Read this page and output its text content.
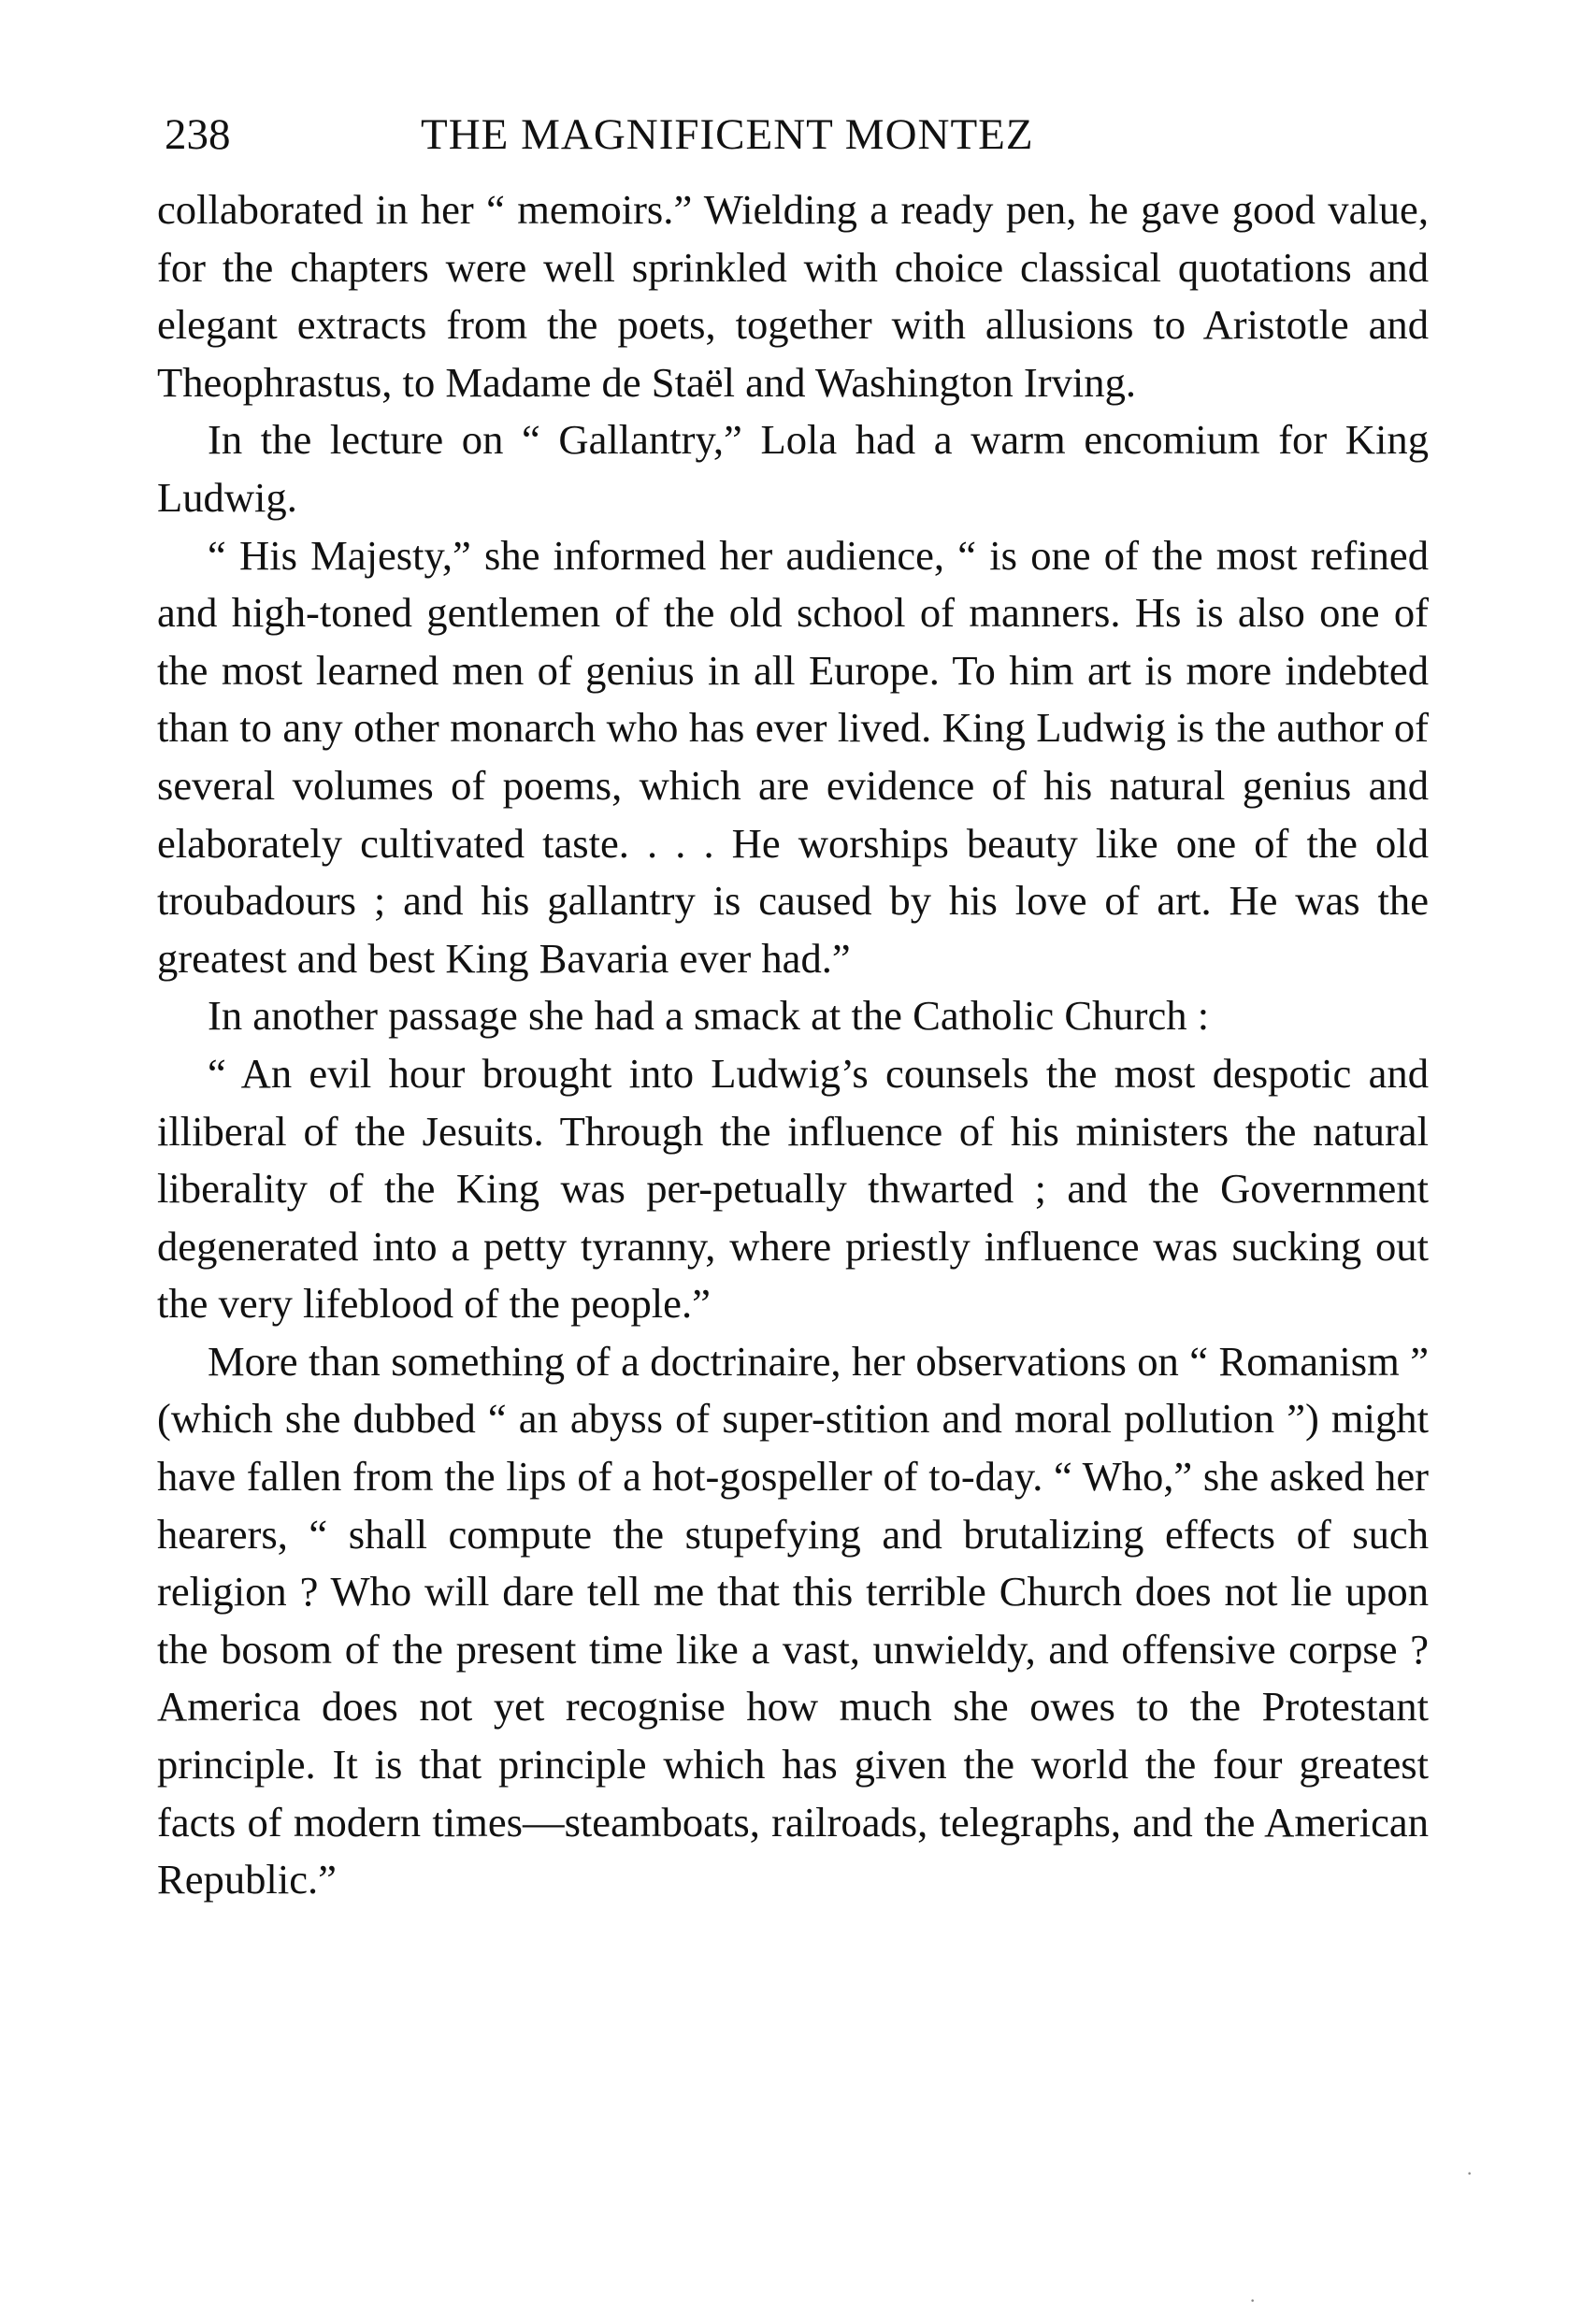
238	THE MAGNIFICENT MONTEZ

collaborated in her “ memoirs.” Wielding a ready pen, he gave good value, for the chapters were well sprinkled with choice classical quotations and elegant extracts from the poets, together with allusions to Aristotle and Theophrastus, to Madame de Staël and Washington Irving.

In the lecture on “ Gallantry,” Lola had a warm encomium for King Ludwig.

“ His Majesty,” she informed her audience, “ is one of the most refined and high-toned gentlemen of the old school of manners. Hs is also one of the most learned men of genius in all Europe. To him art is more indebted than to any other monarch who has ever lived. King Ludwig is the author of several volumes of poems, which are evidence of his natural genius and elaborately cultivated taste. . . . He worships beauty like one of the old troubadours ; and his gallantry is caused by his love of art. He was the greatest and best King Bavaria ever had.”

In another passage she had a smack at the Catholic Church :

“ An evil hour brought into Ludwig’s counsels the most despotic and illiberal of the Jesuits. Through the influence of his ministers the natural liberality of the King was per-petually thwarted ; and the Government degenerated into a petty tyranny, where priestly influence was sucking out the very lifeblood of the people.”

More than something of a doctrinaire, her observations on “ Romanism ” (which she dubbed “ an abyss of super-stition and moral pollution ”) might have fallen from the lips of a hot-gospeller of to-day. “ Who,” she asked her hearers, “ shall compute the stupefying and brutalizing effects of such religion ? Who will dare tell me that this terrible Church does not lie upon the bosom of the present time like a vast, unwieldy, and offensive corpse ? America does not yet recognise how much she owes to the Protestant principle. It is that principle which has given the world the four greatest facts of modern times—steamboats, railroads, telegraphs, and the American Republic.”

·
·
